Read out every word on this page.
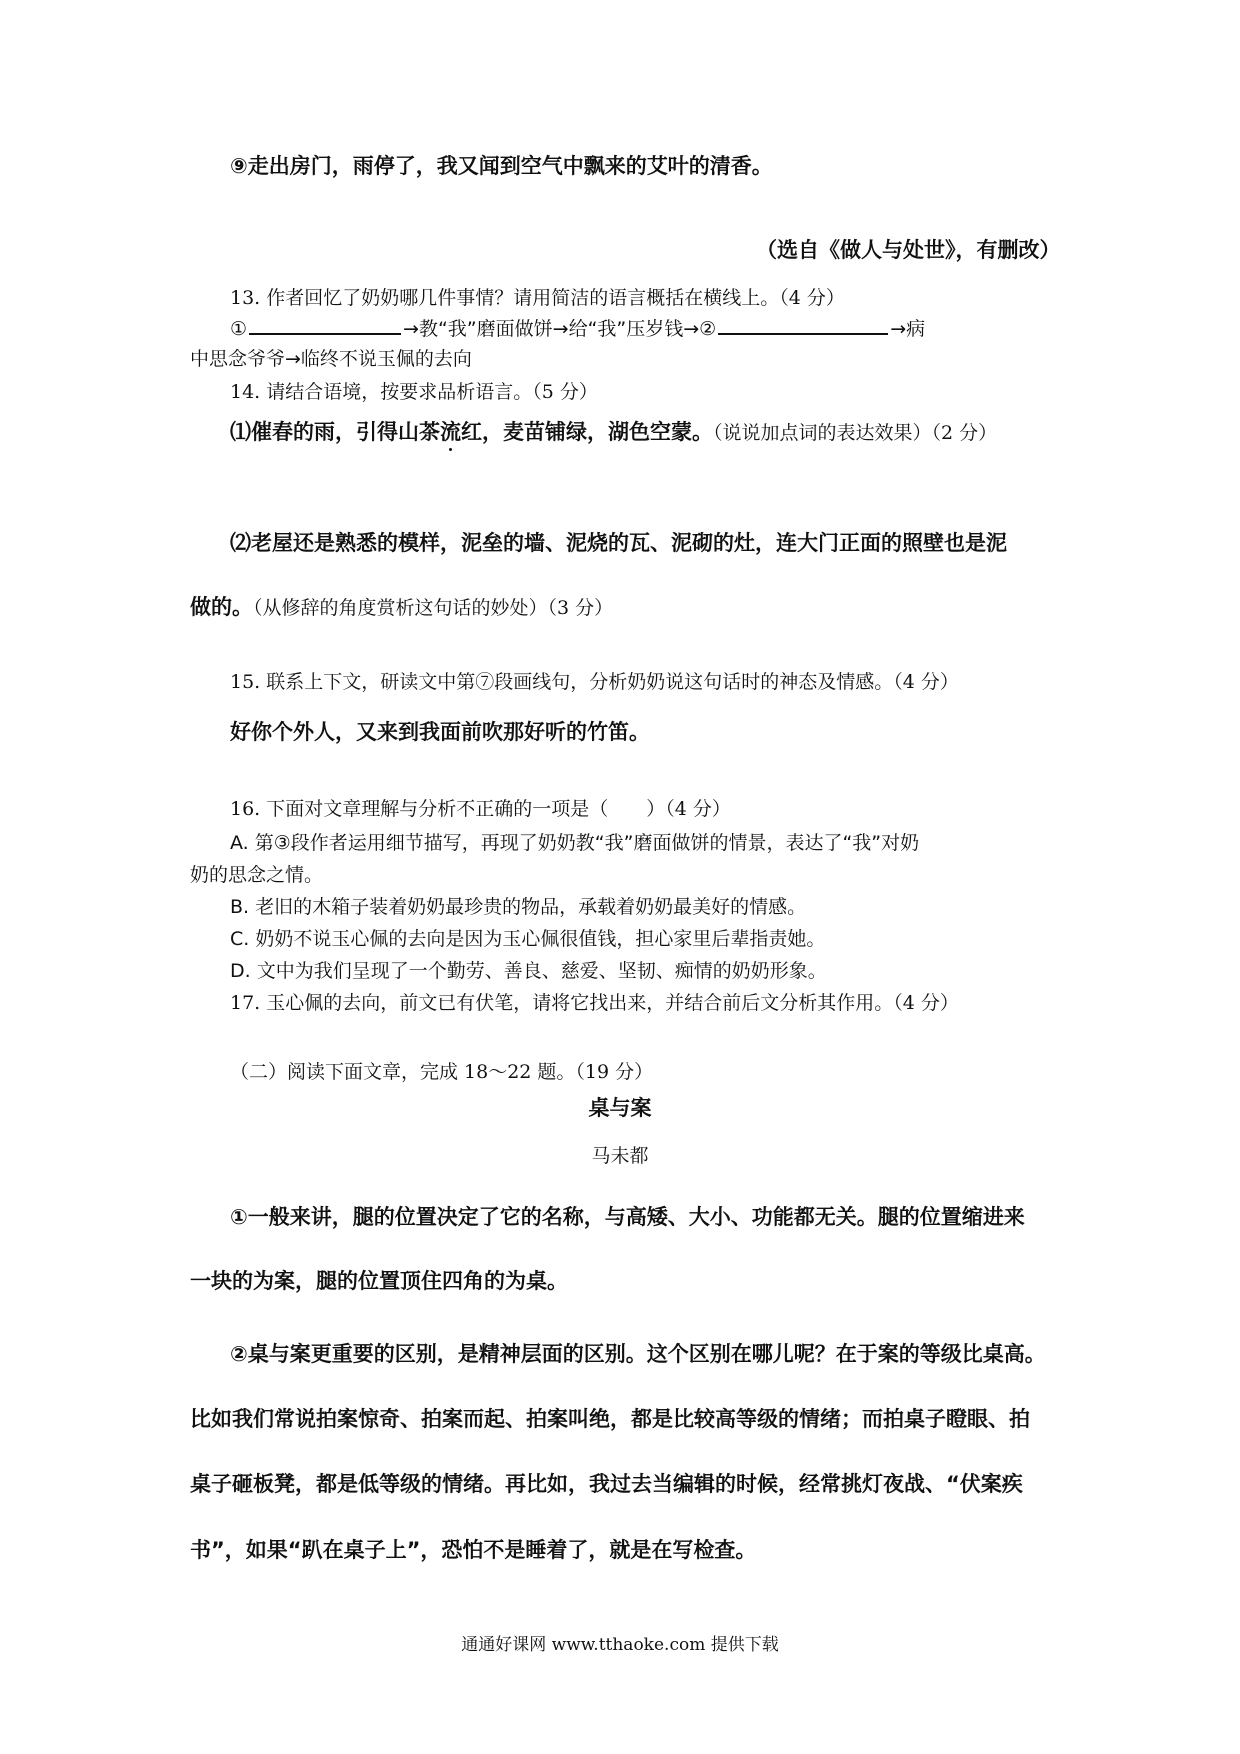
⑨走出房门，雨停了，我又闻到空气中飘来的艾叶的清香。
（选自《做人与处世》，有删改）
13. 作者回忆了奶奶哪几件事情？请用简洁的语言概括在横线上。（4 分）
①	→教“我”磨面做饼→给“我”压岁钱→②	→病
中思念爷爷→临终不说玉佩的去向
14. 请结合语境，按要求品析语言。（5 分）
⑴催春的雨，引得山茶流红，麦苗铺绿，湖色空蒙。（说说加点词的表达效果）（2 分）
⑵老屋还是熟悉的模样，泥垒的墙、泥烧的瓦、泥砌的灶，连大门正面的照壁也是泥
做的。（从修辞的角度赏析这句话的妙处）（3 分）
15. 联系上下文，研读文中第⑦段画线句，分析奶奶说这句话时的神态及情感。（4 分）
好你个外人，又来到我面前吹那好听的竹笛。
16. 下面对文章理解与分析不正确的一项是（　　）（4 分）
A. 第③段作者运用细节描写，再现了奶奶教“我”磨面做饼的情景，表达了“我”对奶
奶的思念之情。
B. 老旧的木箱子装着奶奶最珍贵的物品，承载着奶奶最美好的情感。
C. 奶奶不说玉心佩的去向是因为玉心佩很值钱，担心家里后辈指责她。
D. 文中为我们呈现了一个勤劳、善良、慈爱、坚韧、痴情的奶奶形象。
17. 玉心佩的去向，前文已有伏笔，请将它找出来，并结合前后文分析其作用。（4 分）
（二）阅读下面文章，完成 18～22 题。（19 分）
桌与案
马未都
①一般来讲，腿的位置决定了它的名称，与高矮、大小、功能都无关。腿的位置缩进来
一块的为案，腿的位置顶住四角的为桌。
②桌与案更重要的区别，是精神层面的区别。这个区别在哪儿呢？在于案的等级比桌高。
比如我们常说拍案惊奇、拍案而起、拍案叫绝，都是比较高等级的情绪；而拍桌子瞪眼、拍
桌子砸板凳，都是低等级的情绪。再比如，我过去当编辑的时候，经常挑灯夜战、“伏案疾
书”，如果“趴在桌子上”，恐怕不是睡着了，就是在写检查。
通通好课网 www.tthaoke.com 提供下载
